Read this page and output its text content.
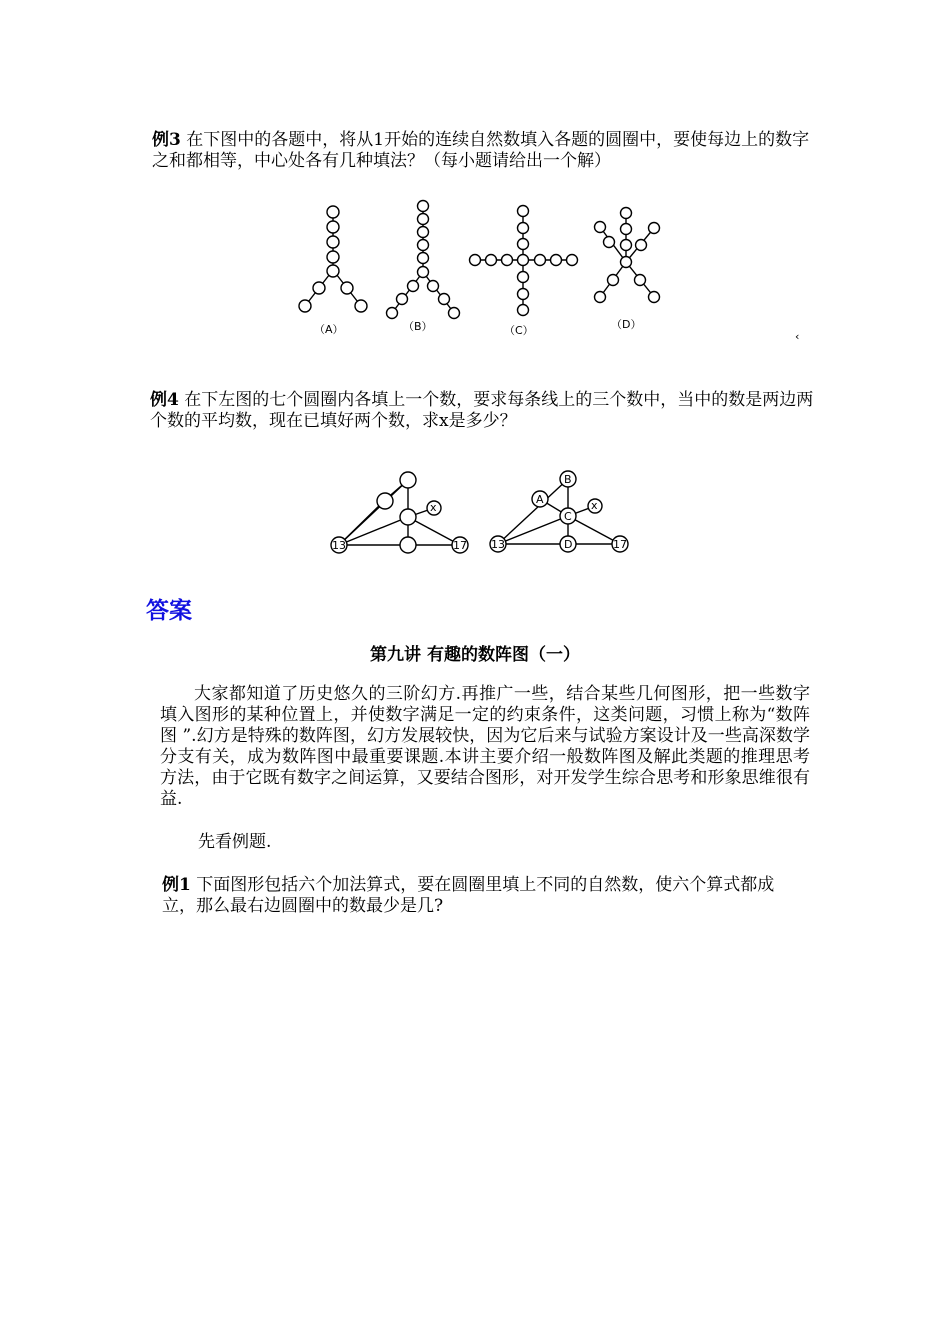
例3 在下图中的各题中，将从1开始的连续自然数填入各题的圆圈中，要使每边上的数字之和都相等，中心处各有几种填法？（每小题请给出一个解）
（A）	（B）	（C）	（D）
‹
x
13	17
B
A
C
x
13	D	17
例4 在下左图的七个圆圈内各填上一个数，要求每条线上的三个数中，当中的数是两边两个数的平均数，现在已填好两个数，求x是多少？
答案
第九讲 有趣的数阵图（一）
大家都知道了历史悠久的三阶幻方.再推广一些，结合某些几何图形，把一些数字填入图形的某种位置上，并使数字满足一定的约束条件，这类问题，习惯上称为“数阵图 ”.幻方是特殊的数阵图，幻方发展较快，因为它后来与试验方案设计及一些高深数学分支有关，成为数阵图中最重要课题.本讲主要介绍一般数阵图及解此类题的推理思考方法，由于它既有数字之间运算，又要结合图形，对开发学生综合思考和形象思维很有益.
先看例题.
例1 下面图形包括六个加法算式，要在圆圈里填上不同的自然数，使六个算式都成立，那么最右边圆圈中的数最少是几?
